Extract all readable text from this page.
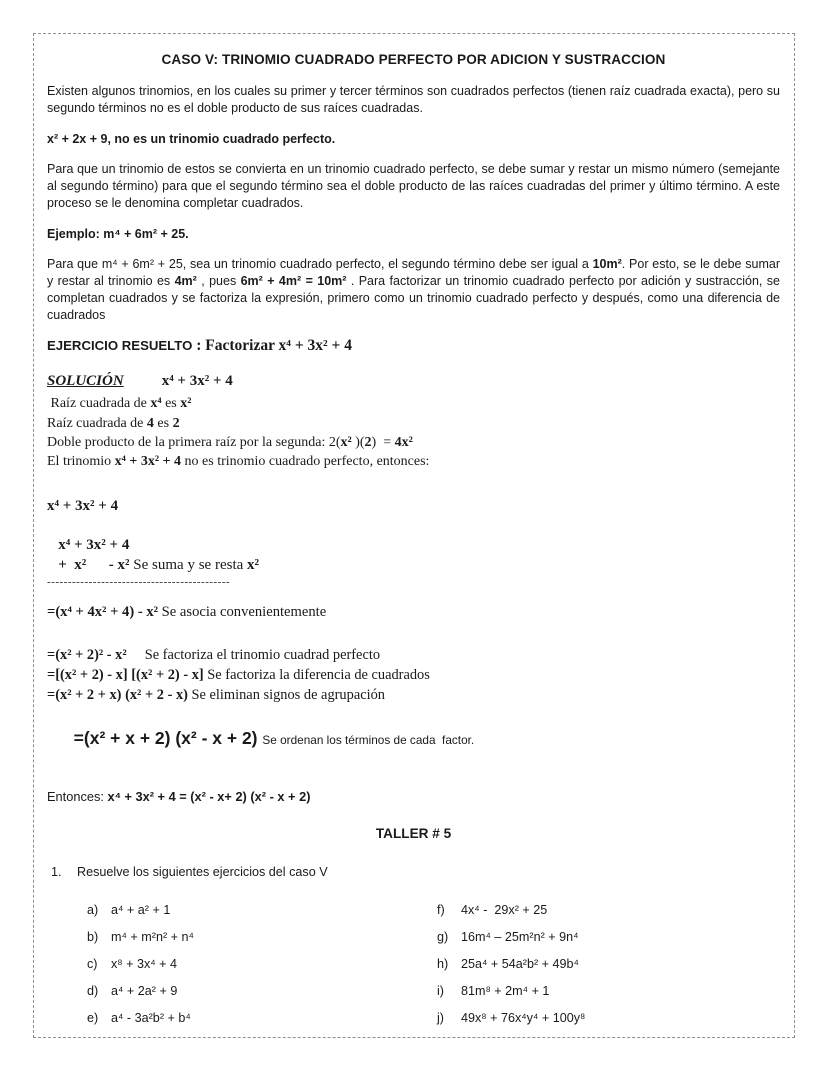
CASO V: TRINOMIO CUADRADO PERFECTO POR ADICION Y SUSTRACCION

Existen algunos trinomios, en los cuales su primer y tercer términos son cuadrados perfectos (tienen raíz cuadrada exacta), pero su segundo términos no es el doble producto de sus raíces cuadradas.

x² + 2x + 9, no es un trinomio cuadrado perfecto.

Para que un trinomio de estos se convierta en un trinomio cuadrado perfecto, se debe sumar y restar un mismo número (semejante al segundo término) para que el segundo término sea el doble producto de las raíces cuadradas del primer y último término. A este proceso se le denomina completar cuadrados.

Ejemplo: m⁴ + 6m² + 25.

Para que m⁴ + 6m² + 25, sea un trinomio cuadrado perfecto, el segundo término debe ser igual a 10m². Por esto, se le debe sumar y restar al trinomio es 4m² , pues 6m² + 4m² = 10m² . Para factorizar un trinomio cuadrado perfecto por adición y sustracción, se completan cuadrados y se factoriza la expresión, primero como un trinomio cuadrado perfecto y después, como una diferencia de cuadrados

EJERCICIO RESUELTO : Factorizar x⁴ + 3x² + 4
SOLUCIÓN	x⁴ + 3x² + 4

Raíz cuadrada de x⁴ es x²

Raíz cuadrada de 4 es 2

Doble producto de la primera raíz por la segunda: 2(x² )(2)  = 4x²

El trinomio x⁴ + 3x² + 4 no es trinomio cuadrado perfecto, entonces:

x⁴ + 3x² + 4
x⁴ + 3x² + 4
+  x²      - x² Se suma y se resta x²
--------------------------------------------

=(x⁴ + 4x² + 4) - x² Se asocia convenientemente

=(x² + 2)² - x²     Se factoriza el trinomio cuadrad perfecto

=[(x² + 2) - x] [(x² + 2) - x] Se factoriza la diferencia de cuadrados

=(x² + 2 + x) (x² + 2 - x) Se eliminan signos de agrupación

=(x² + x + 2) (x² - x + 2) Se ordenan los términos de cada  factor.

Entonces: x⁴ + 3x² + 4 = (x² - x+ 2) (x² - x + 2)

TALLER # 5
1. Resuelve los siguientes ejercicios del caso V
a)	a⁴ + a² + 1	f)	4x⁴ -  29x² + 25
b)	m⁴ + m²n² + n⁴	g)	16m⁴ – 25m²n² + 9n⁴
c)	x⁸ + 3x⁴ + 4	h)	25a⁴ + 54a²b² + 49b⁴
d)	a⁴ + 2a² + 9	i)	81m⁸ + 2m⁴ + 1
e)	a⁴ - 3a²b² + b⁴	j)	49x⁸ + 76x⁴y⁴ + 100y⁸
